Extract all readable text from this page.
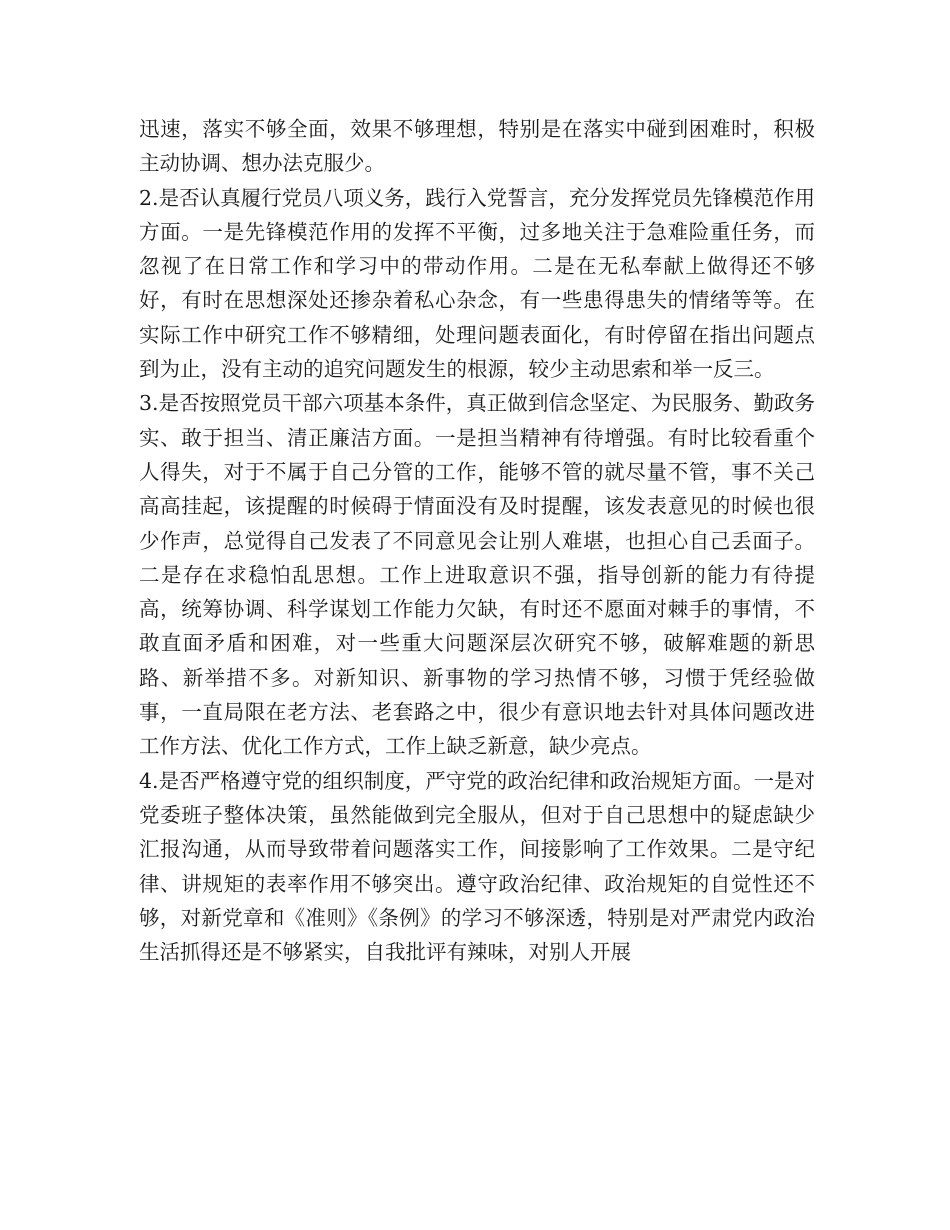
迅速，落实不够全面，效果不够理想，特别是在落实中碰到困难时，积极主动协调、想办法克服少。

2.是否认真履行党员八项义务，践行入党誓言，充分发挥党员先锋模范作用方面。一是先锋模范作用的发挥不平衡，过多地关注于急难险重任务，而忽视了在日常工作和学习中的带动作用。二是在无私奉献上做得还不够好，有时在思想深处还掺杂着私心杂念，有一些患得患失的情绪等等。在实际工作中研究工作不够精细，处理问题表面化，有时停留在指出问题点到为止，没有主动的追究问题发生的根源，较少主动思索和举一反三。

3.是否按照党员干部六项基本条件，真正做到信念坚定、为民服务、勤政务实、敢于担当、清正廉洁方面。一是担当精神有待增强。有时比较看重个人得失，对于不属于自己分管的工作，能够不管的就尽量不管，事不关己高高挂起，该提醒的时候碍于情面没有及时提醒，该发表意见的时候也很少作声，总觉得自己发表了不同意见会让别人难堪，也担心自己丢面子。二是存在求稳怕乱思想。工作上进取意识不强，指导创新的能力有待提高，统筹协调、科学谋划工作能力欠缺，有时还不愿面对棘手的事情，不敢直面矛盾和困难，对一些重大问题深层次研究不够，破解难题的新思路、新举措不多。对新知识、新事物的学习热情不够，习惯于凭经验做事，一直局限在老方法、老套路之中，很少有意识地去针对具体问题改进工作方法、优化工作方式，工作上缺乏新意，缺少亮点。

4.是否严格遵守党的组织制度，严守党的政治纪律和政治规矩方面。一是对党委班子整体决策，虽然能做到完全服从，但对于自己思想中的疑虑缺少汇报沟通，从而导致带着问题落实工作，间接影响了工作效果。二是守纪律、讲规矩的表率作用不够突出。遵守政治纪律、政治规矩的自觉性还不够，对新党章和《准则》《条例》的学习不够深透，特别是对严肃党内政治生活抓得还是不够紧实，自我批评有辣味，对别人开展
